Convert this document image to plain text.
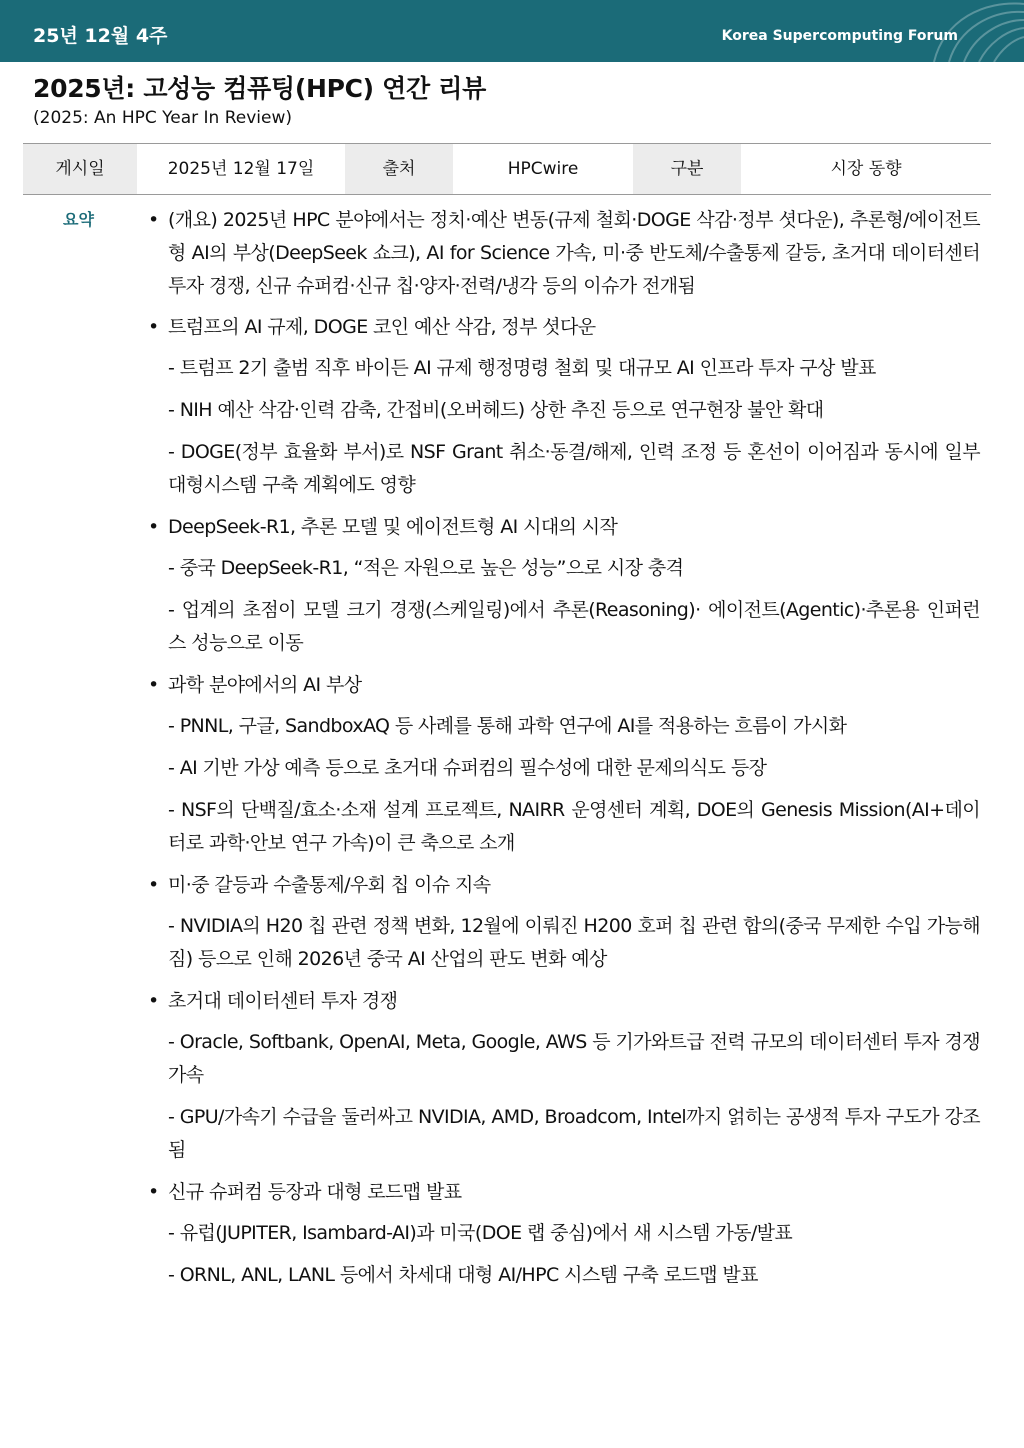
25년 12월 4주	Korea Supercomputing Forum
2025년: 고성능 컴퓨팅(HPC) 연간 리뷰
(2025: An HPC Year In Review)
게시일	2025년 12월 17일	출처	HPCwire	구분	시장 동향
요약	• (개요) 2025년 HPC 분야에서는 정치·예산 변동(규제 철회·DOGE 삭감·정부 셧다운), 추론형/에이전트형 AI의 부상(DeepSeek 쇼크), AI for Science 가속, 미·중 반도체/수출통제 갈등, 초거대 데이터센터 투자 경쟁, 신규 슈퍼컴·신규 칩·양자·전력/냉각 등의 이슈가 전개됨
• 트럼프의 AI 규제, DOGE 코인 예산 삭감, 정부 셧다운
- 트럼프 2기 출범 직후 바이든 AI 규제 행정명령 철회 및 대규모 AI 인프라 투자 구상 발표
- NIH 예산 삭감·인력 감축, 간접비(오버헤드) 상한 추진 등으로 연구현장 불안 확대
- DOGE(정부 효율화 부서)로 NSF Grant 취소·동결/해제, 인력 조정 등 혼선이 이어짐과 동시에 일부 대형시스템 구축 계획에도 영향
• DeepSeek-R1, 추론 모델 및 에이전트형 AI 시대의 시작
- 중국 DeepSeek-R1, “적은 자원으로 높은 성능”으로 시장 충격
- 업계의 초점이 모델 크기 경쟁(스케일링)에서 추론(Reasoning)· 에이전트(Agentic)·추론용 인퍼런스 성능으로 이동
• 과학 분야에서의 AI 부상
- PNNL, 구글, SandboxAQ 등 사례를 통해 과학 연구에 AI를 적용하는 흐름이 가시화
- AI 기반 가상 예측 등으로 초거대 슈퍼컴의 필수성에 대한 문제의식도 등장
- NSF의 단백질/효소·소재 설계 프로젝트, NAIRR 운영센터 계획, DOE의 Genesis Mission(AI+데이터로 과학·안보 연구 가속)이 큰 축으로 소개
• 미·중 갈등과 수출통제/우회 칩 이슈 지속
- NVIDIA의 H20 칩 관련 정책 변화, 12월에 이뤄진 H200 호퍼 칩 관련 합의(중국 무제한 수입 가능해짐) 등으로 인해 2026년 중국 AI 산업의 판도 변화 예상
• 초거대 데이터센터 투자 경쟁
- Oracle, Softbank, OpenAI, Meta, Google, AWS 등 기가와트급 전력 규모의 데이터센터 투자 경쟁 가속
- GPU/가속기 수급을 둘러싸고 NVIDIA, AMD, Broadcom, Intel까지 얽히는 공생적 투자 구도가 강조됨
• 신규 슈퍼컴 등장과 대형 로드맵 발표
- 유럽(JUPITER, Isambard-AI)과 미국(DOE 랩 중심)에서 새 시스템 가동/발표
- ORNL, ANL, LANL 등에서 차세대 대형 AI/HPC 시스템 구축 로드맵 발표
